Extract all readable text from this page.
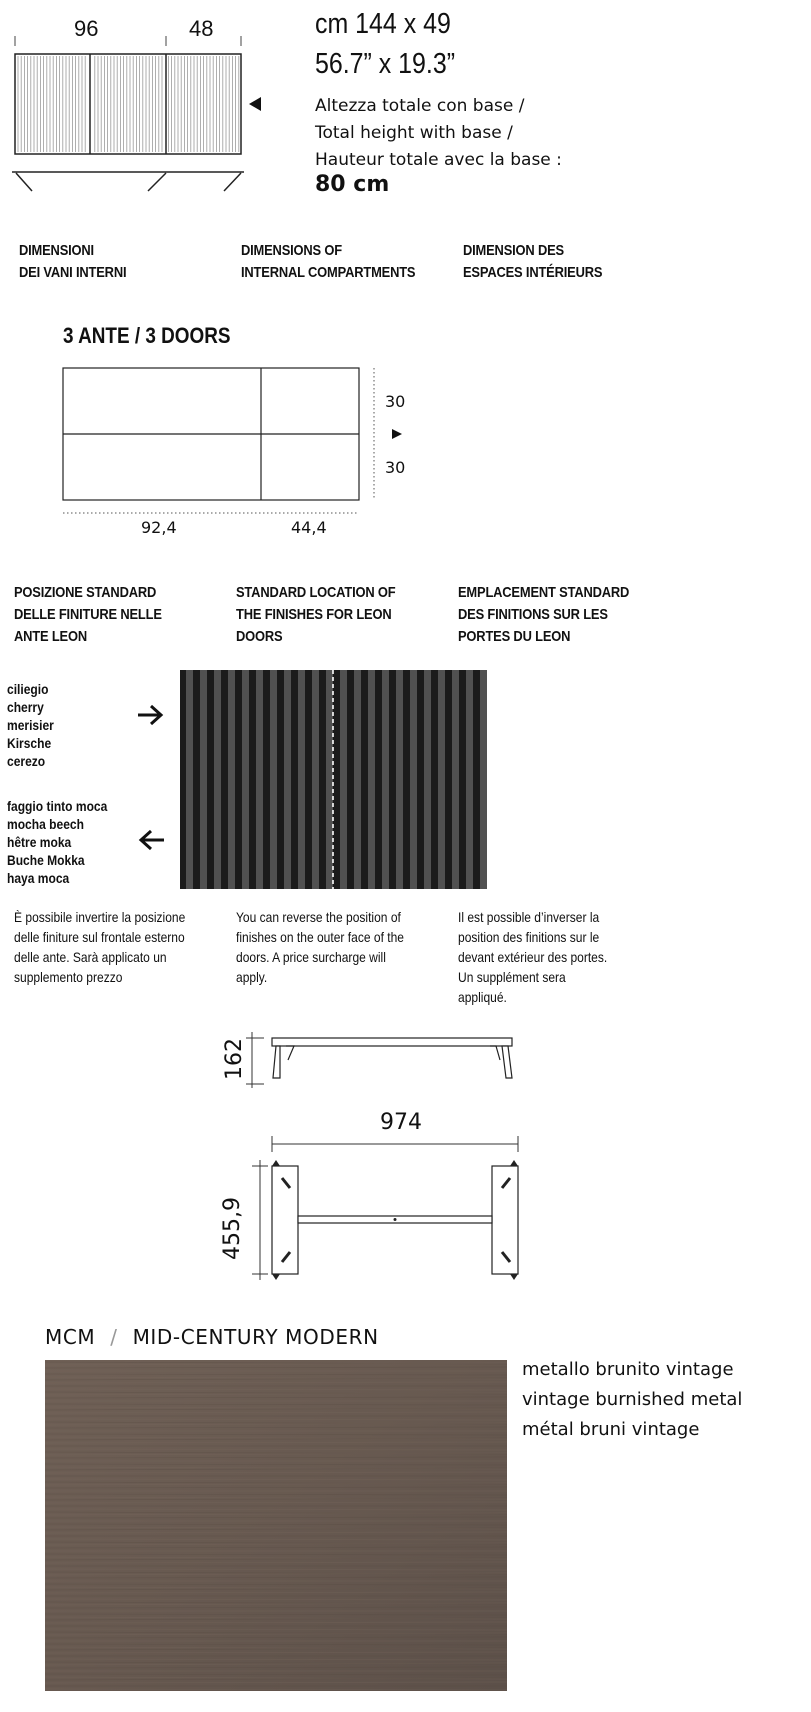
96	48	cm 144 x 49
56.7” x 19.3”
Altezza totale con base /
Total height with base /
Hauteur totale avec la base :
80 cm
DIMENSIONI
DEI VANI INTERNI
DIMENSIONS OF
INTERNAL COMPARTMENTS
DIMENSION DES
ESPACES INTÉRIEURS
3 ANTE / 3 DOORS
30
30
92,4	44,4
POSIZIONE STANDARD
DELLE FINITURE NELLE
ANTE LEON
STANDARD LOCATION OF
THE FINISHES FOR LEON
DOORS
EMPLACEMENT STANDARD
DES FINITIONS SUR LES
PORTES DU LEON
ciliegio
cherry
merisier
Kirsche
cerezo
faggio tinto moca
mocha beech
hêtre moka
Buche Mokka
haya moca
È possibile invertire la posizione
delle finiture sul frontale esterno
delle ante. Sarà applicato un
supplemento prezzo
You can reverse the position of
finishes on the outer face of the
doors. A price surcharge will
apply.
Il est possible d’inverser la
position des finitions sur le
devant extérieur des portes.
Un supplément sera
appliqué.
162
974
455,9
MCM / MID-CENTURY MODERN
metallo brunito vintage
vintage burnished metal
métal bruni vintage
